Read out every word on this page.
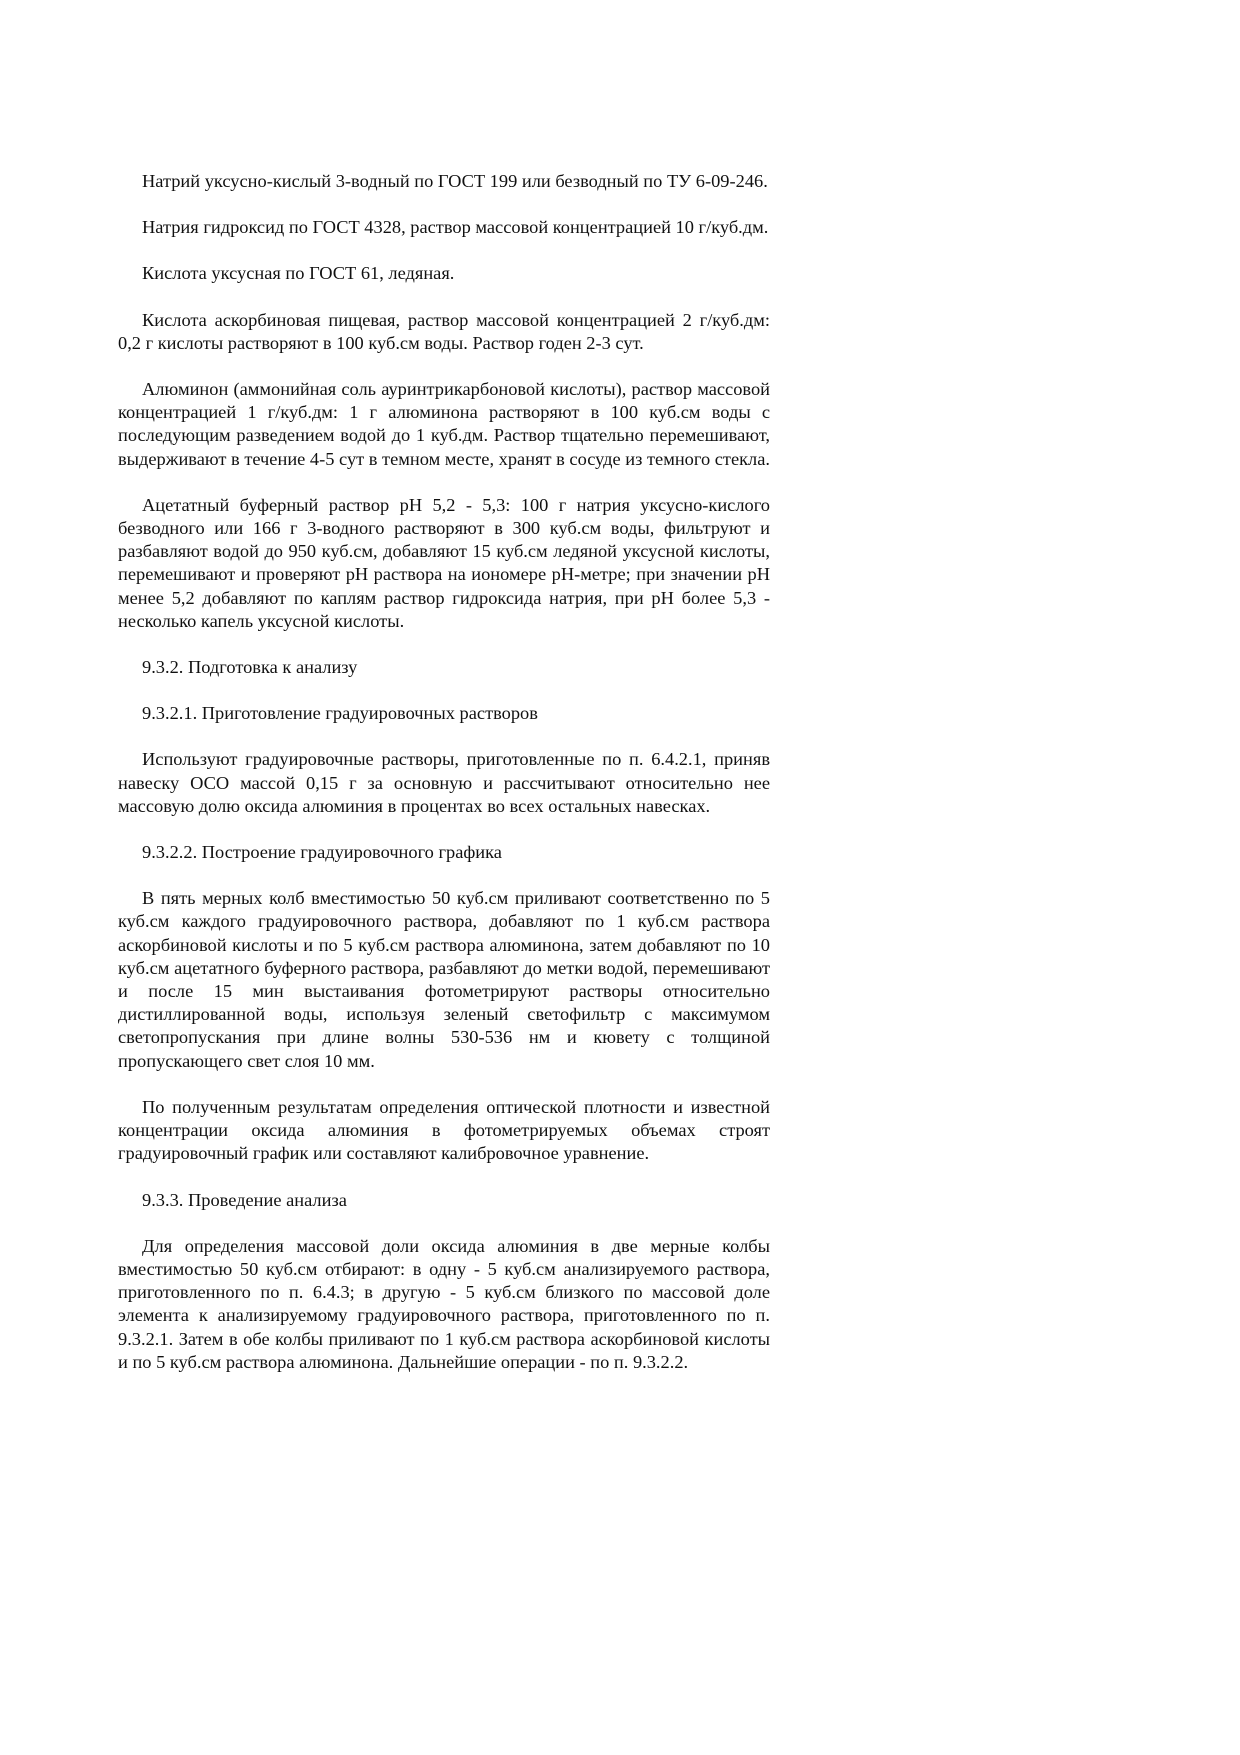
Натрий уксусно-кислый 3-водный по ГОСТ 199 или безводный по ТУ 6-09-246.

Натрия гидроксид по ГОСТ 4328, раствор массовой концентрацией 10 г/куб.дм.

Кислота уксусная по ГОСТ 61, ледяная.

Кислота аскорбиновая пищевая, раствор массовой концентрацией 2 г/куб.дм: 0,2 г кислоты растворяют в 100 куб.см воды. Раствор годен 2-3 сут.

Алюминон (аммонийная соль ауринтрикарбоновой кислоты), раствор массовой концентрацией 1 г/куб.дм: 1 г алюминона растворяют в 100 куб.см воды с последующим разведением водой до 1 куб.дм. Раствор тщательно перемешивают, выдерживают в течение 4-5 сут в темном месте, хранят в сосуде из темного стекла.

Ацетатный буферный раствор pH 5,2 - 5,3: 100 г натрия уксусно-кислого безводного или 166 г 3-водного растворяют в 300 куб.см воды, фильтруют и разбавляют водой до 950 куб.см, добавляют 15 куб.см ледяной уксусной кислоты, перемешивают и проверяют pH раствора на иономере pH-метре; при значении pH менее 5,2 добавляют по каплям раствор гидроксида натрия, при pH более 5,3 - несколько капель уксусной кислоты.

9.3.2. Подготовка к анализу

9.3.2.1. Приготовление градуировочных растворов

Используют градуировочные растворы, приготовленные по п. 6.4.2.1, приняв навеску ОСО массой 0,15 г за основную и рассчитывают относительно нее массовую долю оксида алюминия в процентах во всех остальных навесках.

9.3.2.2. Построение градуировочного графика

В пять мерных колб вместимостью 50 куб.см приливают соответственно по 5 куб.см каждого градуировочного раствора, добавляют по 1 куб.см раствора аскорбиновой кислоты и по 5 куб.см раствора алюминона, затем добавляют по 10 куб.см ацетатного буферного раствора, разбавляют до метки водой, перемешивают и после 15 мин выстаивания фотометрируют растворы относительно дистиллированной воды, используя зеленый светофильтр с максимумом светопропускания при длине волны 530-536 нм и кювету с толщиной пропускающего свет слоя 10 мм.

По полученным результатам определения оптической плотности и известной концентрации оксида алюминия в фотометрируемых объемах строят градуировочный график или составляют калибровочное уравнение.

9.3.3. Проведение анализа

Для определения массовой доли оксида алюминия в две мерные колбы вместимостью 50 куб.см отбирают: в одну - 5 куб.см анализируемого раствора, приготовленного по п. 6.4.3; в другую - 5 куб.см близкого по массовой доле элемента к анализируемому градуировочного раствора, приготовленного по п. 9.3.2.1. Затем в обе колбы приливают по 1 куб.см раствора аскорбиновой кислоты и по 5 куб.см раствора алюминона. Дальнейшие операции - по п. 9.3.2.2.
